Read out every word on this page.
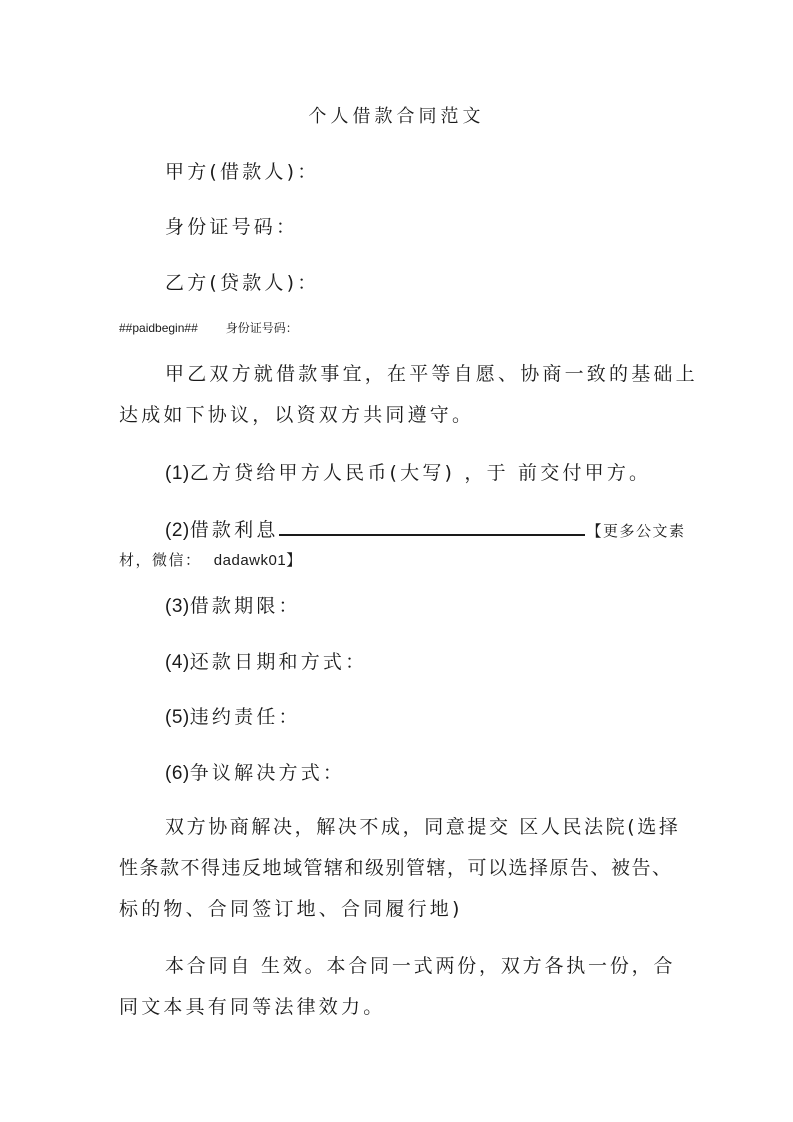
个人借款合同范文
甲方(借款人)：
身份证号码：
乙方(贷款人)：
##paidbegin## 身份证号码：
甲乙双方就借款事宜，在平等自愿、协商一致的基础上
达成如下协议，以资双方共同遵守。
(1)乙方贷给甲方人民币(大写) ，于 前交付甲方。
(2)借款利息	【更多公文素
材，微信： dadawk01】
(3)借款期限：
(4)还款日期和方式：
(5)违约责任：
(6)争议解决方式：
双方协商解决，解决不成，同意提交 区人民法院(选择
性条款不得违反地域管辖和级别管辖，可以选择原告、被告、
标的物、合同签订地、合同履行地)
本合同自 生效。本合同一式两份，双方各执一份，合
同文本具有同等法律效力。
